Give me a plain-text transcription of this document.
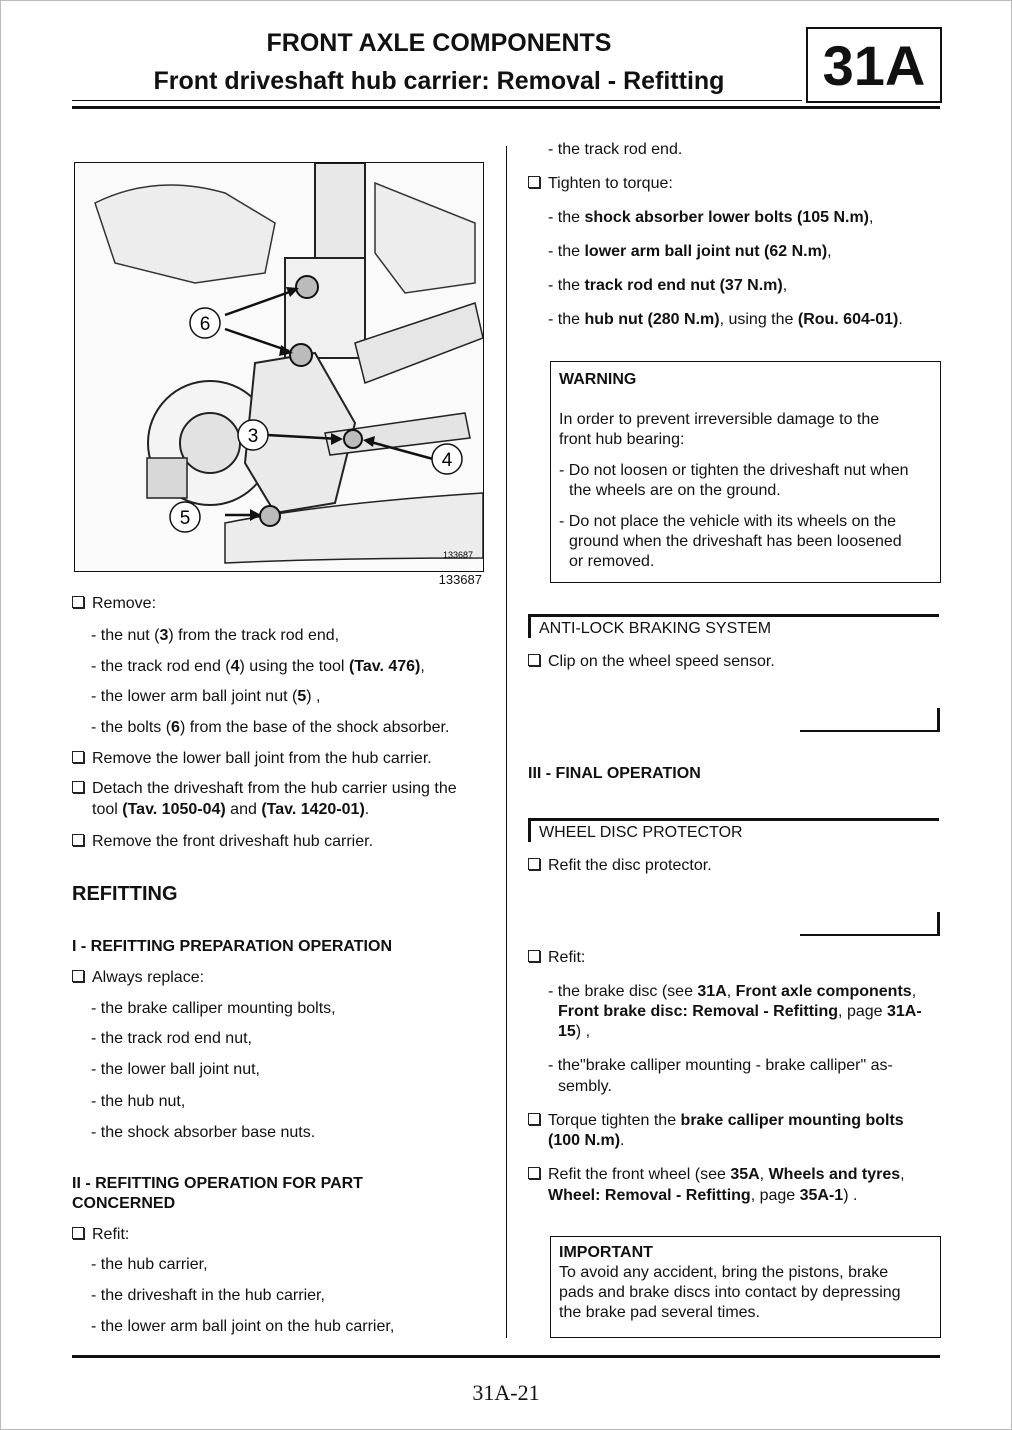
FRONT AXLE COMPONENTS
Front driveshaft hub carrier: Removal - Refitting	31A
6
3
5
4
133687
133687
Remove:
- the nut (3) from the track rod end,
- the track rod end (4) using the tool (Tav. 476),
- the lower arm ball joint nut (5) ,
- the bolts (6) from the base of the shock absorber.
Remove the lower ball joint from the hub carrier.
Detach the driveshaft from the hub carrier using the
tool (Tav. 1050-04) and (Tav. 1420-01).
Remove the front driveshaft hub carrier.
REFITTING
I - REFITTING PREPARATION OPERATION
Always replace:
- the brake calliper mounting bolts,
- the track rod end nut,
- the lower ball joint nut,
- the hub nut,
- the shock absorber base nuts.
II - REFITTING OPERATION FOR PART
CONCERNED
Refit:
- the hub carrier,
- the driveshaft in the hub carrier,
- the lower arm ball joint on the hub carrier,
- the track rod end.
Tighten to torque:
- the shock absorber lower bolts (105 N.m),
- the lower arm ball joint nut (62 N.m),
- the track rod end nut (37 N.m),
- the hub nut (280 N.m), using the (Rou. 604-01).
WARNING
In order to prevent irreversible damage to the
front hub bearing:
- Do not loosen or tighten the driveshaft nut when
the wheels are on the ground.
- Do not place the vehicle with its wheels on the
ground when the driveshaft has been loosened
or removed.
ANTI-LOCK BRAKING SYSTEM
Clip on the wheel speed sensor.
III - FINAL OPERATION
WHEEL DISC PROTECTOR
Refit the disc protector.
Refit:
- the brake disc (see 31A, Front axle components,
Front brake disc: Removal - Refitting, page 31A-
15) ,
- the"brake calliper mounting - brake calliper" as-
sembly.
Torque tighten the brake calliper mounting bolts
(100 N.m).
Refit the front wheel (see 35A, Wheels and tyres,
Wheel: Removal - Refitting, page 35A-1) .
IMPORTANT
To avoid any accident, bring the pistons, brake
pads and brake discs into contact by depressing
the brake pad several times.
31A-21
